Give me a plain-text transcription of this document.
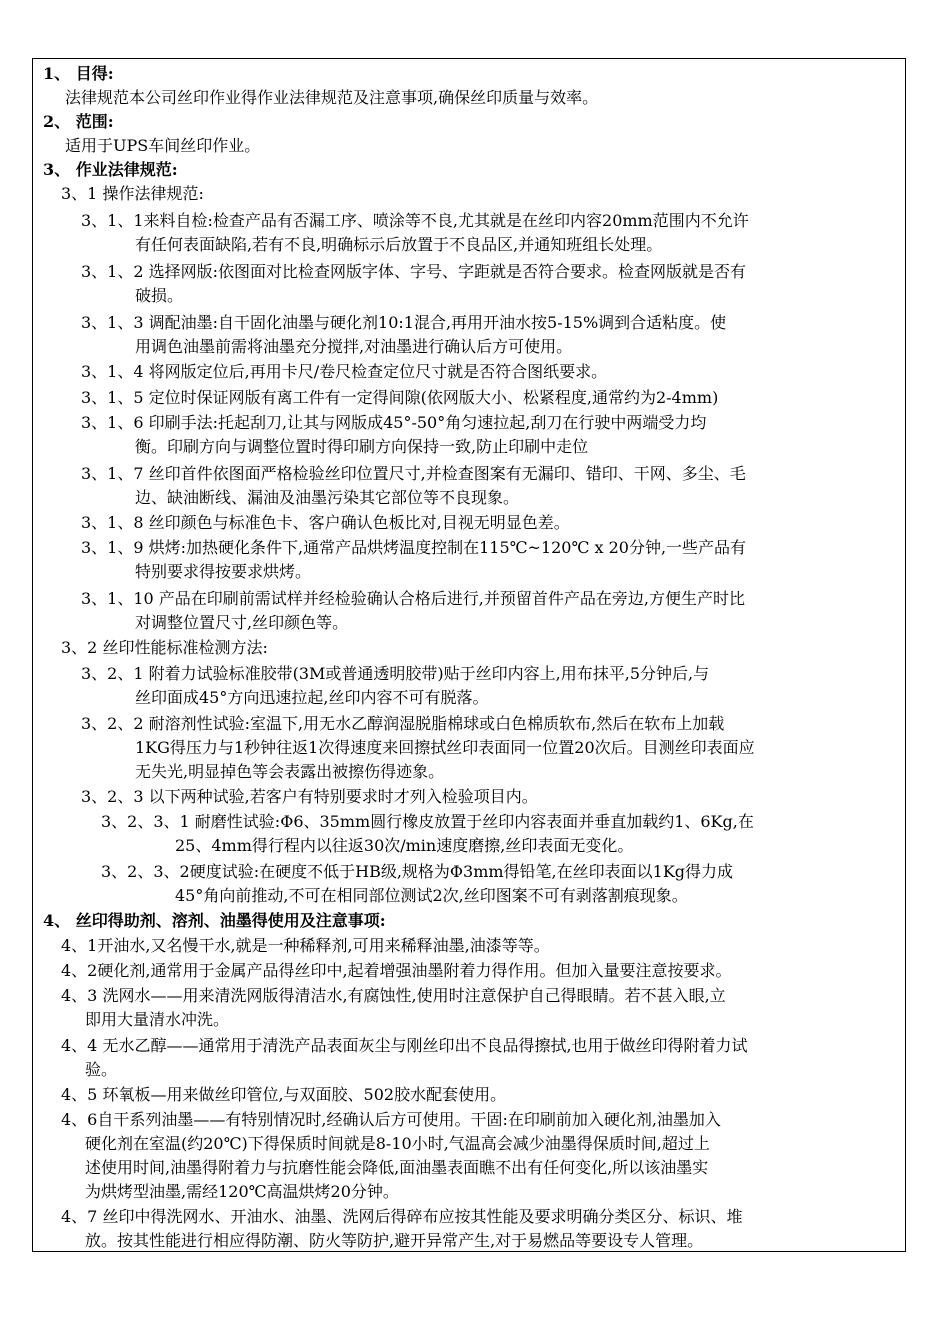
1、 目得:
法律规范本公司丝印作业得作业法律规范及注意事项,确保丝印质量与效率。
2、 范围:
适用于UPS车间丝印作业。
3、 作业法律规范:
3、1 操作法律规范:
3、1、1来料自检:检查产品有否漏工序、喷涂等不良,尤其就是在丝印内容20mm范围内不允许
有任何表面缺陷,若有不良,明确标示后放置于不良品区,并通知班组长处理。
3、1、2 选择网版:依图面对比检查网版字体、字号、字距就是否符合要求。检查网版就是否有
破损。
3、1、3 调配油墨:自干固化油墨与硬化剂10:1混合,再用开油水按5-15%调到合适粘度。使
用调色油墨前需将油墨充分搅拌,对油墨进行确认后方可使用。
3、1、4 将网版定位后,再用卡尺/卷尺检查定位尺寸就是否符合图纸要求。
3、1、5 定位时保证网版有离工件有一定得间隙(依网版大小、松紧程度,通常约为2-4mm)
3、1、6 印刷手法:托起刮刀,让其与网版成45°-50°角匀速拉起,刮刀在行驶中两端受力均
衡。印刷方向与调整位置时得印刷方向保持一致,防止印刷中走位
3、1、7 丝印首件依图面严格检验丝印位置尺寸,并检查图案有无漏印、错印、干网、多尘、毛
边、缺油断线、漏油及油墨污染其它部位等不良现象。
3、1、8 丝印颜色与标准色卡、客户确认色板比对,目视无明显色差。
3、1、9 烘烤:加热硬化条件下,通常产品烘烤温度控制在115℃~120℃ x 20分钟,一些产品有
特别要求得按要求烘烤。
3、1、10 产品在印刷前需试样并经检验确认合格后进行,并预留首件产品在旁边,方便生产时比
对调整位置尺寸,丝印颜色等。
3、2 丝印性能标准检测方法:
3、2、1 附着力试验标准胶带(3M或普通透明胶带)贴于丝印内容上,用布抹平,5分钟后,与
丝印面成45°方向迅速拉起,丝印内容不可有脱落。
3、2、2 耐溶剂性试验:室温下,用无水乙醇润湿脱脂棉球或白色棉质软布,然后在软布上加载
1KG得压力与1秒钟往返1次得速度来回擦拭丝印表面同一位置20次后。目测丝印表面应
无失光,明显掉色等会表露出被擦伤得迹象。
3、2、3 以下两种试验,若客户有特别要求时才列入检验项目内。
3、2、3、1 耐磨性试验:Φ6、35mm圆行橡皮放置于丝印内容表面并垂直加载约1、6Kg,在
25、4mm得行程内以往返30次/min速度磨擦,丝印表面无变化。
3、2、3、2硬度试验:在硬度不低于HB级,规格为Φ3mm得铅笔,在丝印表面以1Kg得力成
45°角向前推动,不可在相同部位测试2次,丝印图案不可有剥落割痕现象。
4、 丝印得助剂、溶剂、油墨得使用及注意事项:
4、1开油水,又名慢干水,就是一种稀释剂,可用来稀释油墨,油漆等等。
4、2硬化剂,通常用于金属产品得丝印中,起着增强油墨附着力得作用。但加入量要注意按要求。
4、3 洗网水——用来清洗网版得清洁水,有腐蚀性,使用时注意保护自己得眼睛。若不甚入眼,立
即用大量清水冲洗。
4、4 无水乙醇——通常用于清洗产品表面灰尘与刚丝印出不良品得擦拭,也用于做丝印得附着力试
验。
4、5 环氧板—用来做丝印管位,与双面胶、502胶水配套使用。
4、6自干系列油墨——有特别情况时,经确认后方可使用。干固:在印刷前加入硬化剂,油墨加入
硬化剂在室温(约20℃)下得保质时间就是8-10小时,气温高会减少油墨得保质时间,超过上
述使用时间,油墨得附着力与抗磨性能会降低,面油墨表面瞧不出有任何变化,所以该油墨实
为烘烤型油墨,需经120℃高温烘烤20分钟。
4、7 丝印中得洗网水、开油水、油墨、洗网后得碎布应按其性能及要求明确分类区分、标识、堆
放。按其性能进行相应得防潮、防火等防护,避开异常产生,对于易燃品等要设专人管理。
